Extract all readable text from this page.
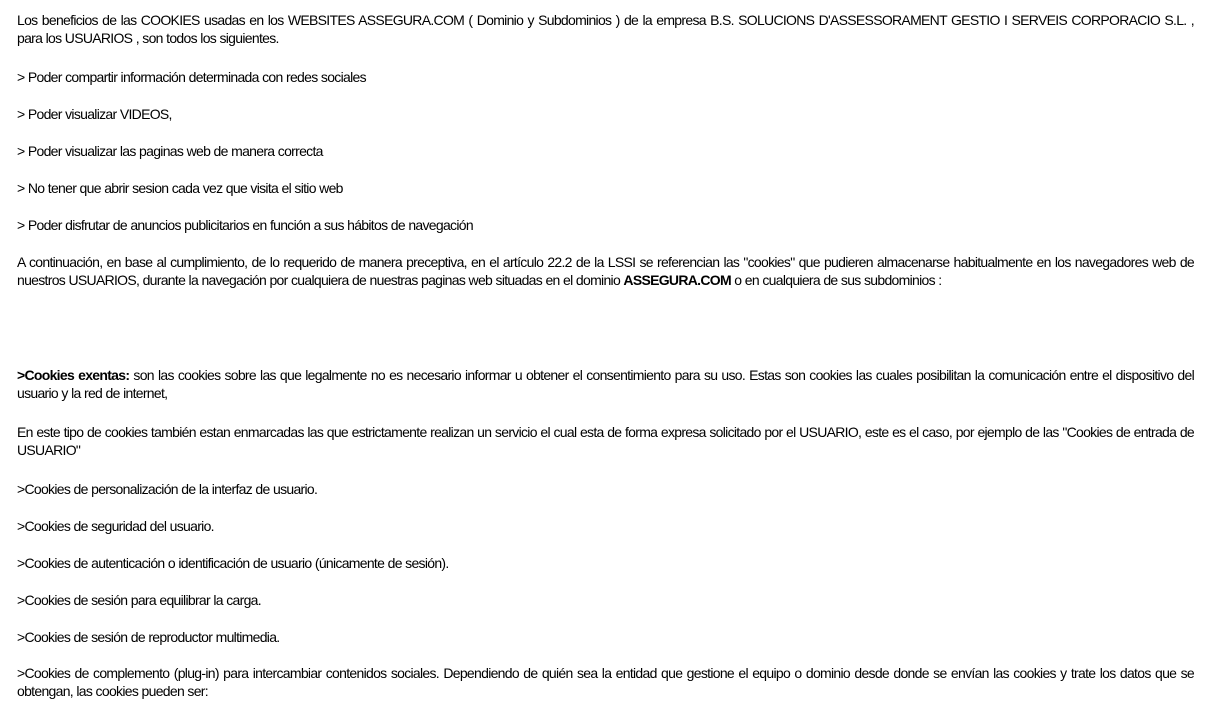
Los beneficios de las COOKIES usadas en los WEBSITES ASSEGURA.COM ( Dominio y Subdominios ) de la empresa B.S. SOLUCIONS D'ASSESSORAMENT GESTIO I SERVEIS CORPORACIO S.L. , para los USUARIOS , son todos los siguientes.

> Poder compartir información determinada con redes sociales

> Poder visualizar VIDEOS,

> Poder visualizar las paginas web de manera correcta

> No tener que abrir sesion cada vez que visita el sitio web

> Poder disfrutar de anuncios publicitarios en función a sus hábitos de navegación

A continuación, en base al cumplimiento, de lo requerido de manera preceptiva, en el artículo 22.2 de la LSSI se referencian las "cookies" que pudieren almacenarse habitualmente en los navegadores web de nuestros USUARIOS, durante la navegación por cualquiera de nuestras paginas web situadas en el dominio ASSEGURA.COM o en cualquiera de sus subdominios :

>Cookies exentas: son las cookies sobre las que legalmente no es necesario informar u obtener el consentimiento para su uso. Estas son cookies las cuales posibilitan la comunicación entre el dispositivo del usuario y la red de internet,

En este tipo de cookies también estan enmarcadas las que estrictamente realizan un servicio el cual esta de forma expresa solicitado por el USUARIO, este es el caso, por ejemplo de las "Cookies de entrada de USUARIO"

>Cookies de personalización de la interfaz de usuario.

>Cookies de seguridad del usuario.

>Cookies de autenticación o identificación de usuario (únicamente de sesión).

>Cookies de sesión para equilibrar la carga.

>Cookies de sesión de reproductor multimedia.

>Cookies de complemento (plug-in) para intercambiar contenidos sociales. Dependiendo de quién sea la entidad que gestione el equipo o dominio desde donde se envían las cookies y trate los datos que se obtengan, las cookies pueden ser:
